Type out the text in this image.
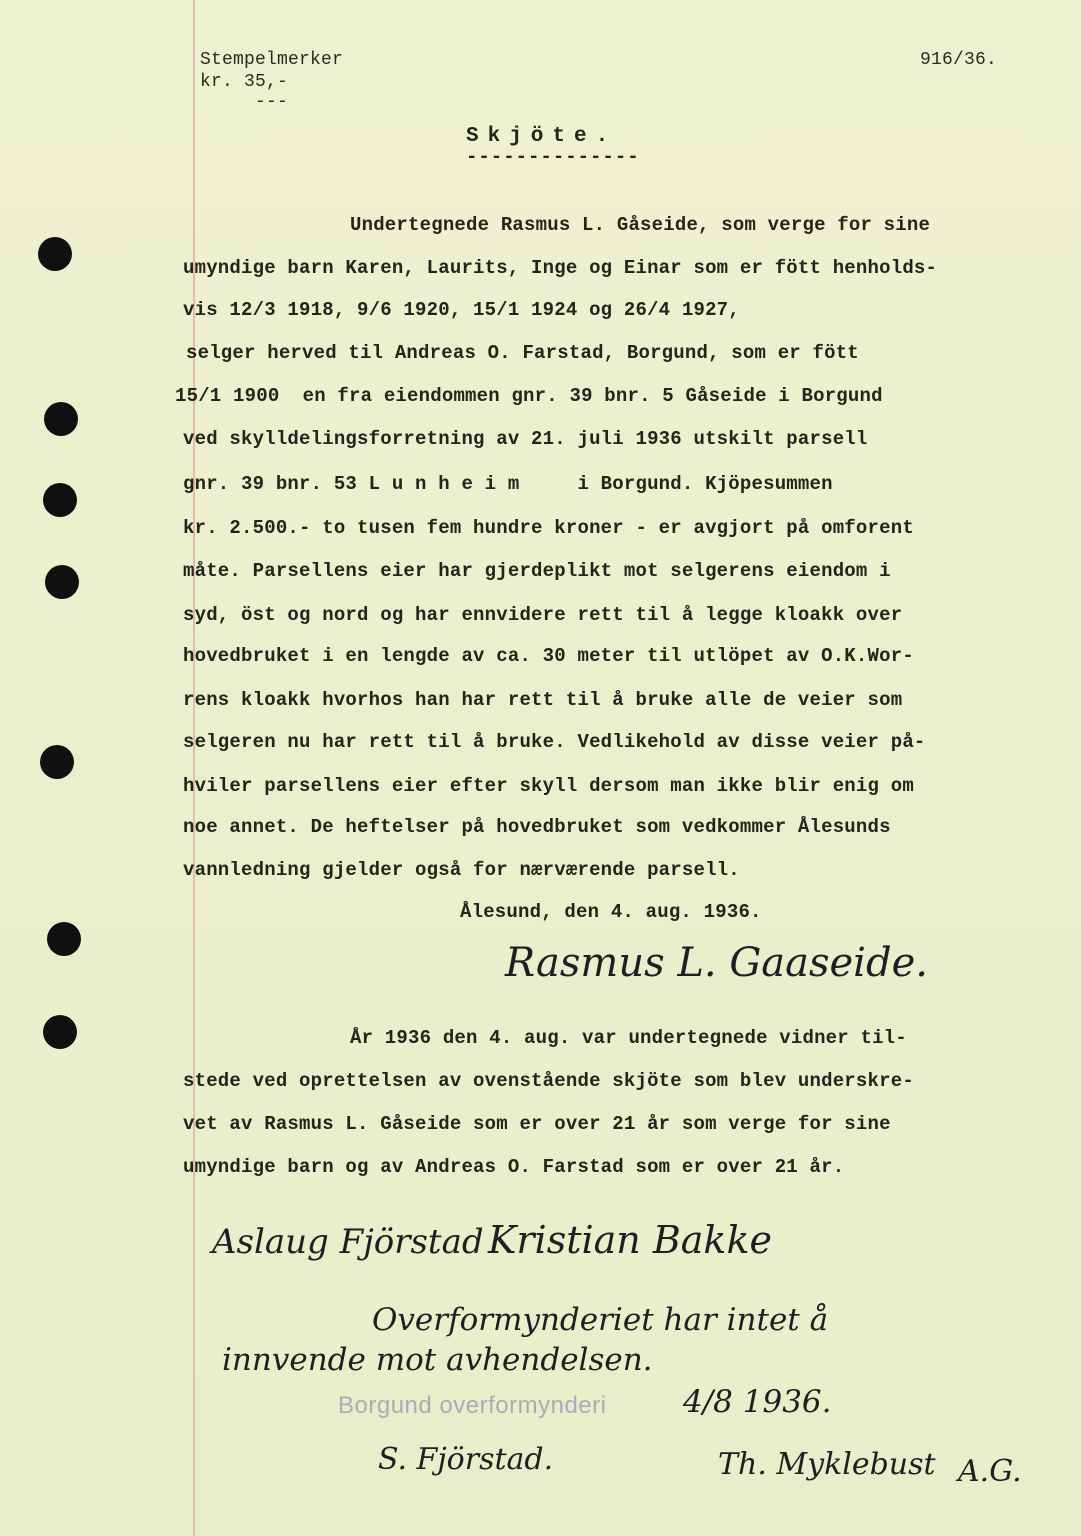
Stempelmerker
kr. 35,-
---
916/36.
Skjöte.
--------------
Undertegnede Rasmus L. Gåseide, som verge for sine
umyndige barn Karen, Laurits, Inge og Einar som er fött henholds-
vis 12/3 1918, 9/6 1920, 15/1 1924 og 26/4 1927,
selger herved til Andreas O. Farstad, Borgund, som er fött
15/1 1900  en fra eiendommen gnr. 39 bnr. 5 Gåseide i Borgund
ved skylldelingsforretning av 21. juli 1936 utskilt parsell
gnr. 39 bnr. 53 L u n h e i m     i Borgund. Kjöpesummen
kr. 2.500.- to tusen fem hundre kroner - er avgjort på omforent
måte. Parsellens eier har gjerdeplikt mot selgerens eiendom i
syd, öst og nord og har ennvidere rett til å legge kloakk over
hovedbruket i en lengde av ca. 30 meter til utlöpet av O.K.Wor-
rens kloakk hvorhos han har rett til å bruke alle de veier som
selgeren nu har rett til å bruke. Vedlikehold av disse veier på-
hviler parsellens eier efter skyll dersom man ikke blir enig om
noe annet. De heftelser på hovedbruket som vedkommer Ålesunds
vannledning gjelder også for nærværende parsell.
Ålesund, den 4. aug. 1936.
Rasmus L. Gaaseide.
År 1936 den 4. aug. var undertegnede vidner til-
stede ved oprettelsen av ovenstående skjöte som blev underskre-
vet av Rasmus L. Gåseide som er over 21 år som verge for sine
umyndige barn og av Andreas O. Farstad som er over 21 år.
Aslaug Fjörstad Kristian Bakke
Overformynderiet har intet å
innvende mot avhendelsen.
Borgund overformynderi 4/8 1936.
S. Fjörstad.	Th. Myklebust A.G.
